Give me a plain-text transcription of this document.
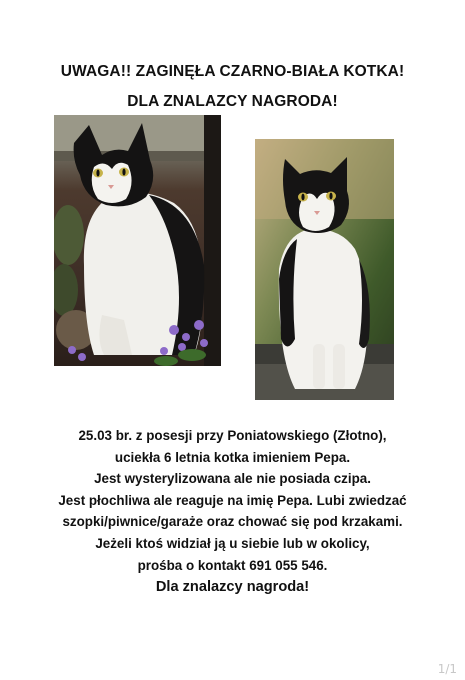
UWAGA!! ZAGINĘŁA CZARNO-BIAŁA KOTKA!
DLA ZNALAZCY NAGRODA!
25.03 br. z posesji przy Poniatowskiego (Złotno),
uciekła 6 letnia kotka imieniem Pepa.
Jest wysterylizowana ale nie posiada czipa.
Jest płochliwa ale reaguje na imię Pepa. Lubi zwiedzać
szopki/piwnice/garaże oraz chować się pod krzakami.
Jeżeli ktoś widział ją u siebie lub w okolicy,
prośba o kontakt 691 055 546.
Dla znalazcy nagroda!
1/1
